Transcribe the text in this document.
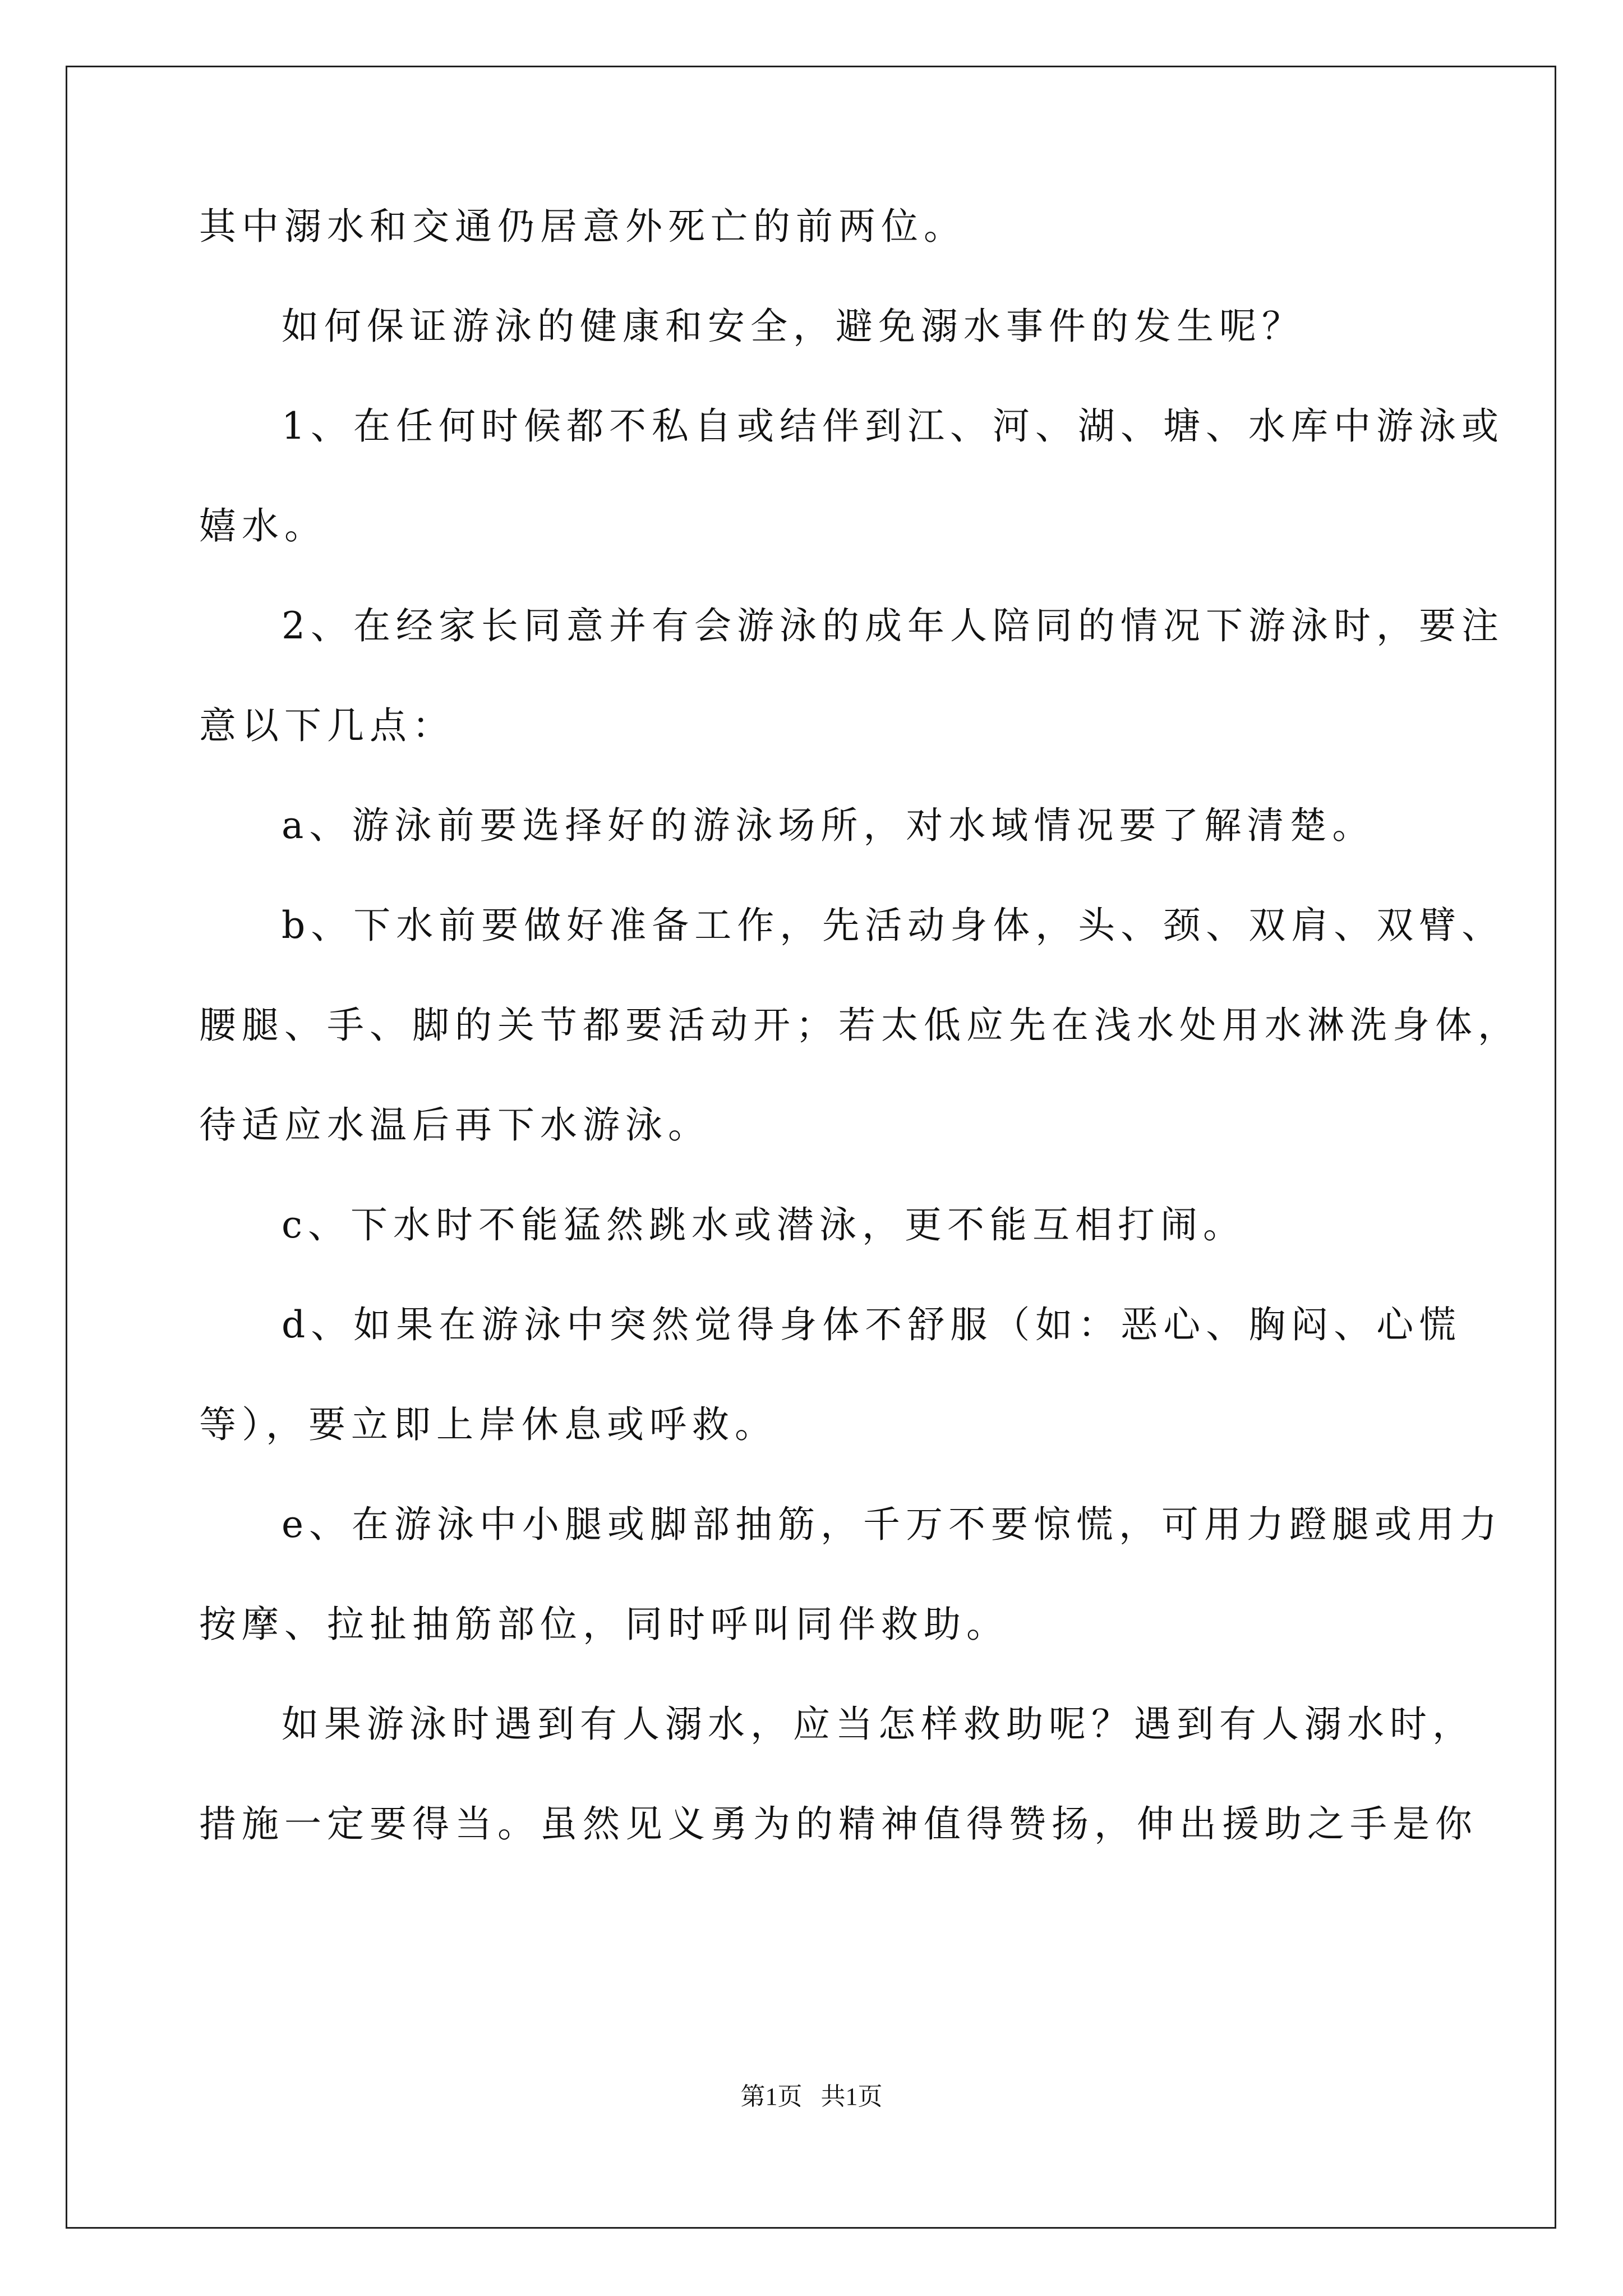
其中溺水和交通仍居意外死亡的前两位。
如何保证游泳的健康和安全，避免溺水事件的发生呢？
1、在任何时候都不私自或结伴到江、河、湖、塘、水库中游泳或
嬉水。
2、在经家长同意并有会游泳的成年人陪同的情况下游泳时，要注
意以下几点：
a、游泳前要选择好的游泳场所，对水域情况要了解清楚。
b、下水前要做好准备工作，先活动身体，头、颈、双肩、双臂、
腰腿、手、脚的关节都要活动开；若太低应先在浅水处用水淋洗身体，
待适应水温后再下水游泳。
c、下水时不能猛然跳水或潜泳，更不能互相打闹。
d、如果在游泳中突然觉得身体不舒服（如：恶心、胸闷、心慌
等），要立即上岸休息或呼救。
e、在游泳中小腿或脚部抽筋，千万不要惊慌，可用力蹬腿或用力
按摩、拉扯抽筋部位，同时呼叫同伴救助。
如果游泳时遇到有人溺水，应当怎样救助呢？遇到有人溺水时，
措施一定要得当。虽然见义勇为的精神值得赞扬，伸出援助之手是你
第1页   共1页
